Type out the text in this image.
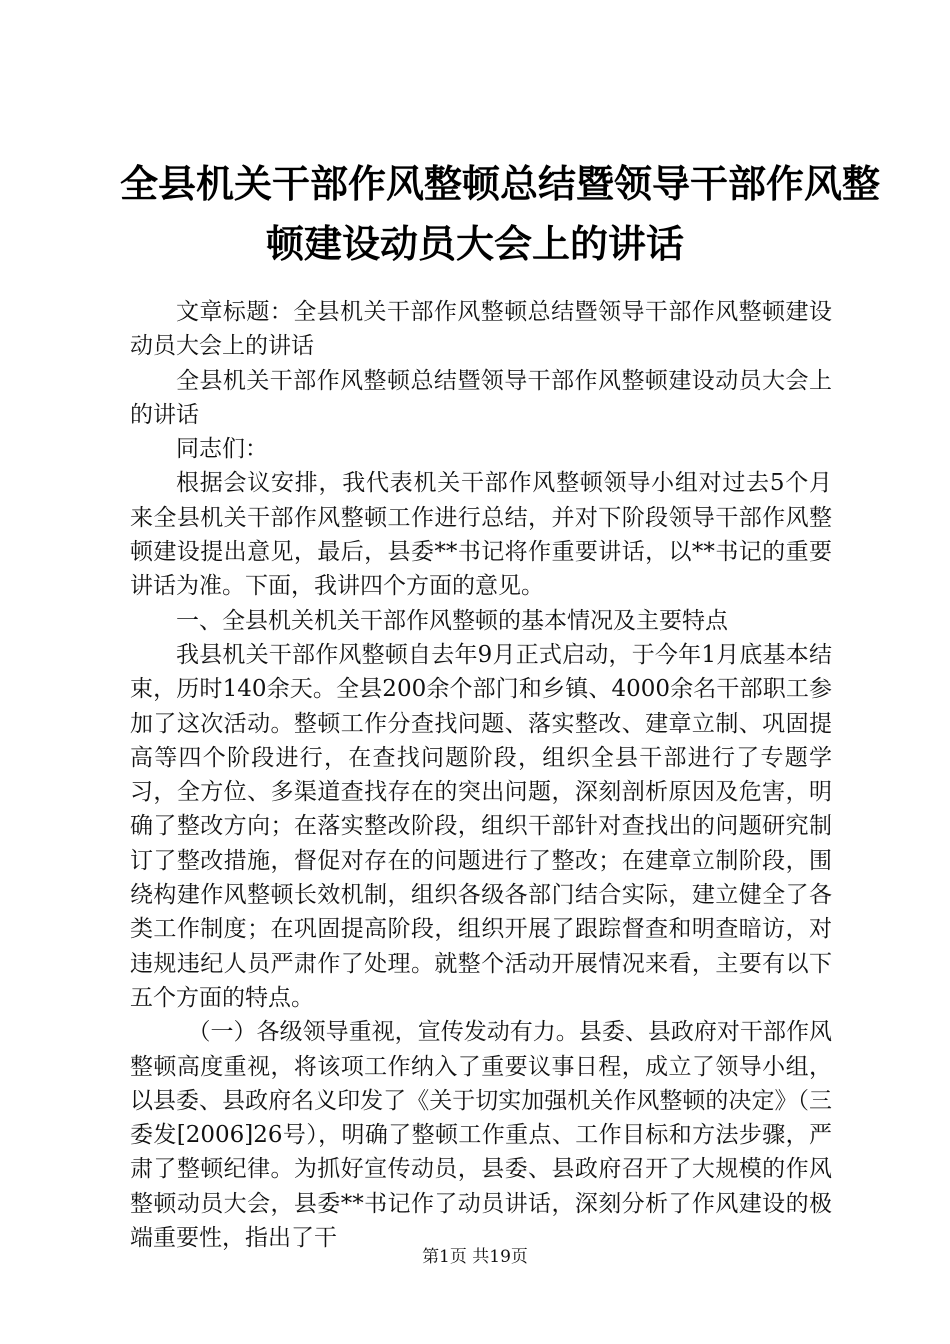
全县机关干部作风整顿总结暨领导干部作风整
顿建设动员大会上的讲话

文章标题：全县机关干部作风整顿总结暨领导干部作风整顿建设动员大会上的讲话

全县机关干部作风整顿总结暨领导干部作风整顿建设动员大会上的讲话

同志们：

根据会议安排，我代表机关干部作风整顿领导小组对过去5个月来全县机关干部作风整顿工作进行总结，并对下阶段领导干部作风整顿建设提出意见，最后，县委**书记将作重要讲话，以**书记的重要讲话为准。下面，我讲四个方面的意见。

一、全县机关机关干部作风整顿的基本情况及主要特点

我县机关干部作风整顿自去年9月正式启动，于今年1月底基本结束，历时140余天。全县200余个部门和乡镇、4000余名干部职工参加了这次活动。整顿工作分查找问题、落实整改、建章立制、巩固提高等四个阶段进行，在查找问题阶段，组织全县干部进行了专题学习，全方位、多渠道查找存在的突出问题，深刻剖析原因及危害，明确了整改方向；在落实整改阶段，组织干部针对查找出的问题研究制订了整改措施，督促对存在的问题进行了整改；在建章立制阶段，围绕构建作风整顿长效机制，组织各级各部门结合实际，建立健全了各类工作制度；在巩固提高阶段，组织开展了跟踪督查和明查暗访，对违规违纪人员严肃作了处理。就整个活动开展情况来看，主要有以下五个方面的特点。

（一）各级领导重视，宣传发动有力。县委、县政府对干部作风整顿高度重视，将该项工作纳入了重要议事日程，成立了领导小组，以县委、县政府名义印发了《关于切实加强机关作风整顿的决定》（三委发[2006]26号），明确了整顿工作重点、工作目标和方法步骤，严肃了整顿纪律。为抓好宣传动员，县委、县政府召开了大规模的作风整顿动员大会，县委**书记作了动员讲话，深刻分析了作风建设的极端重要性，指出了干

第1页 共19页
